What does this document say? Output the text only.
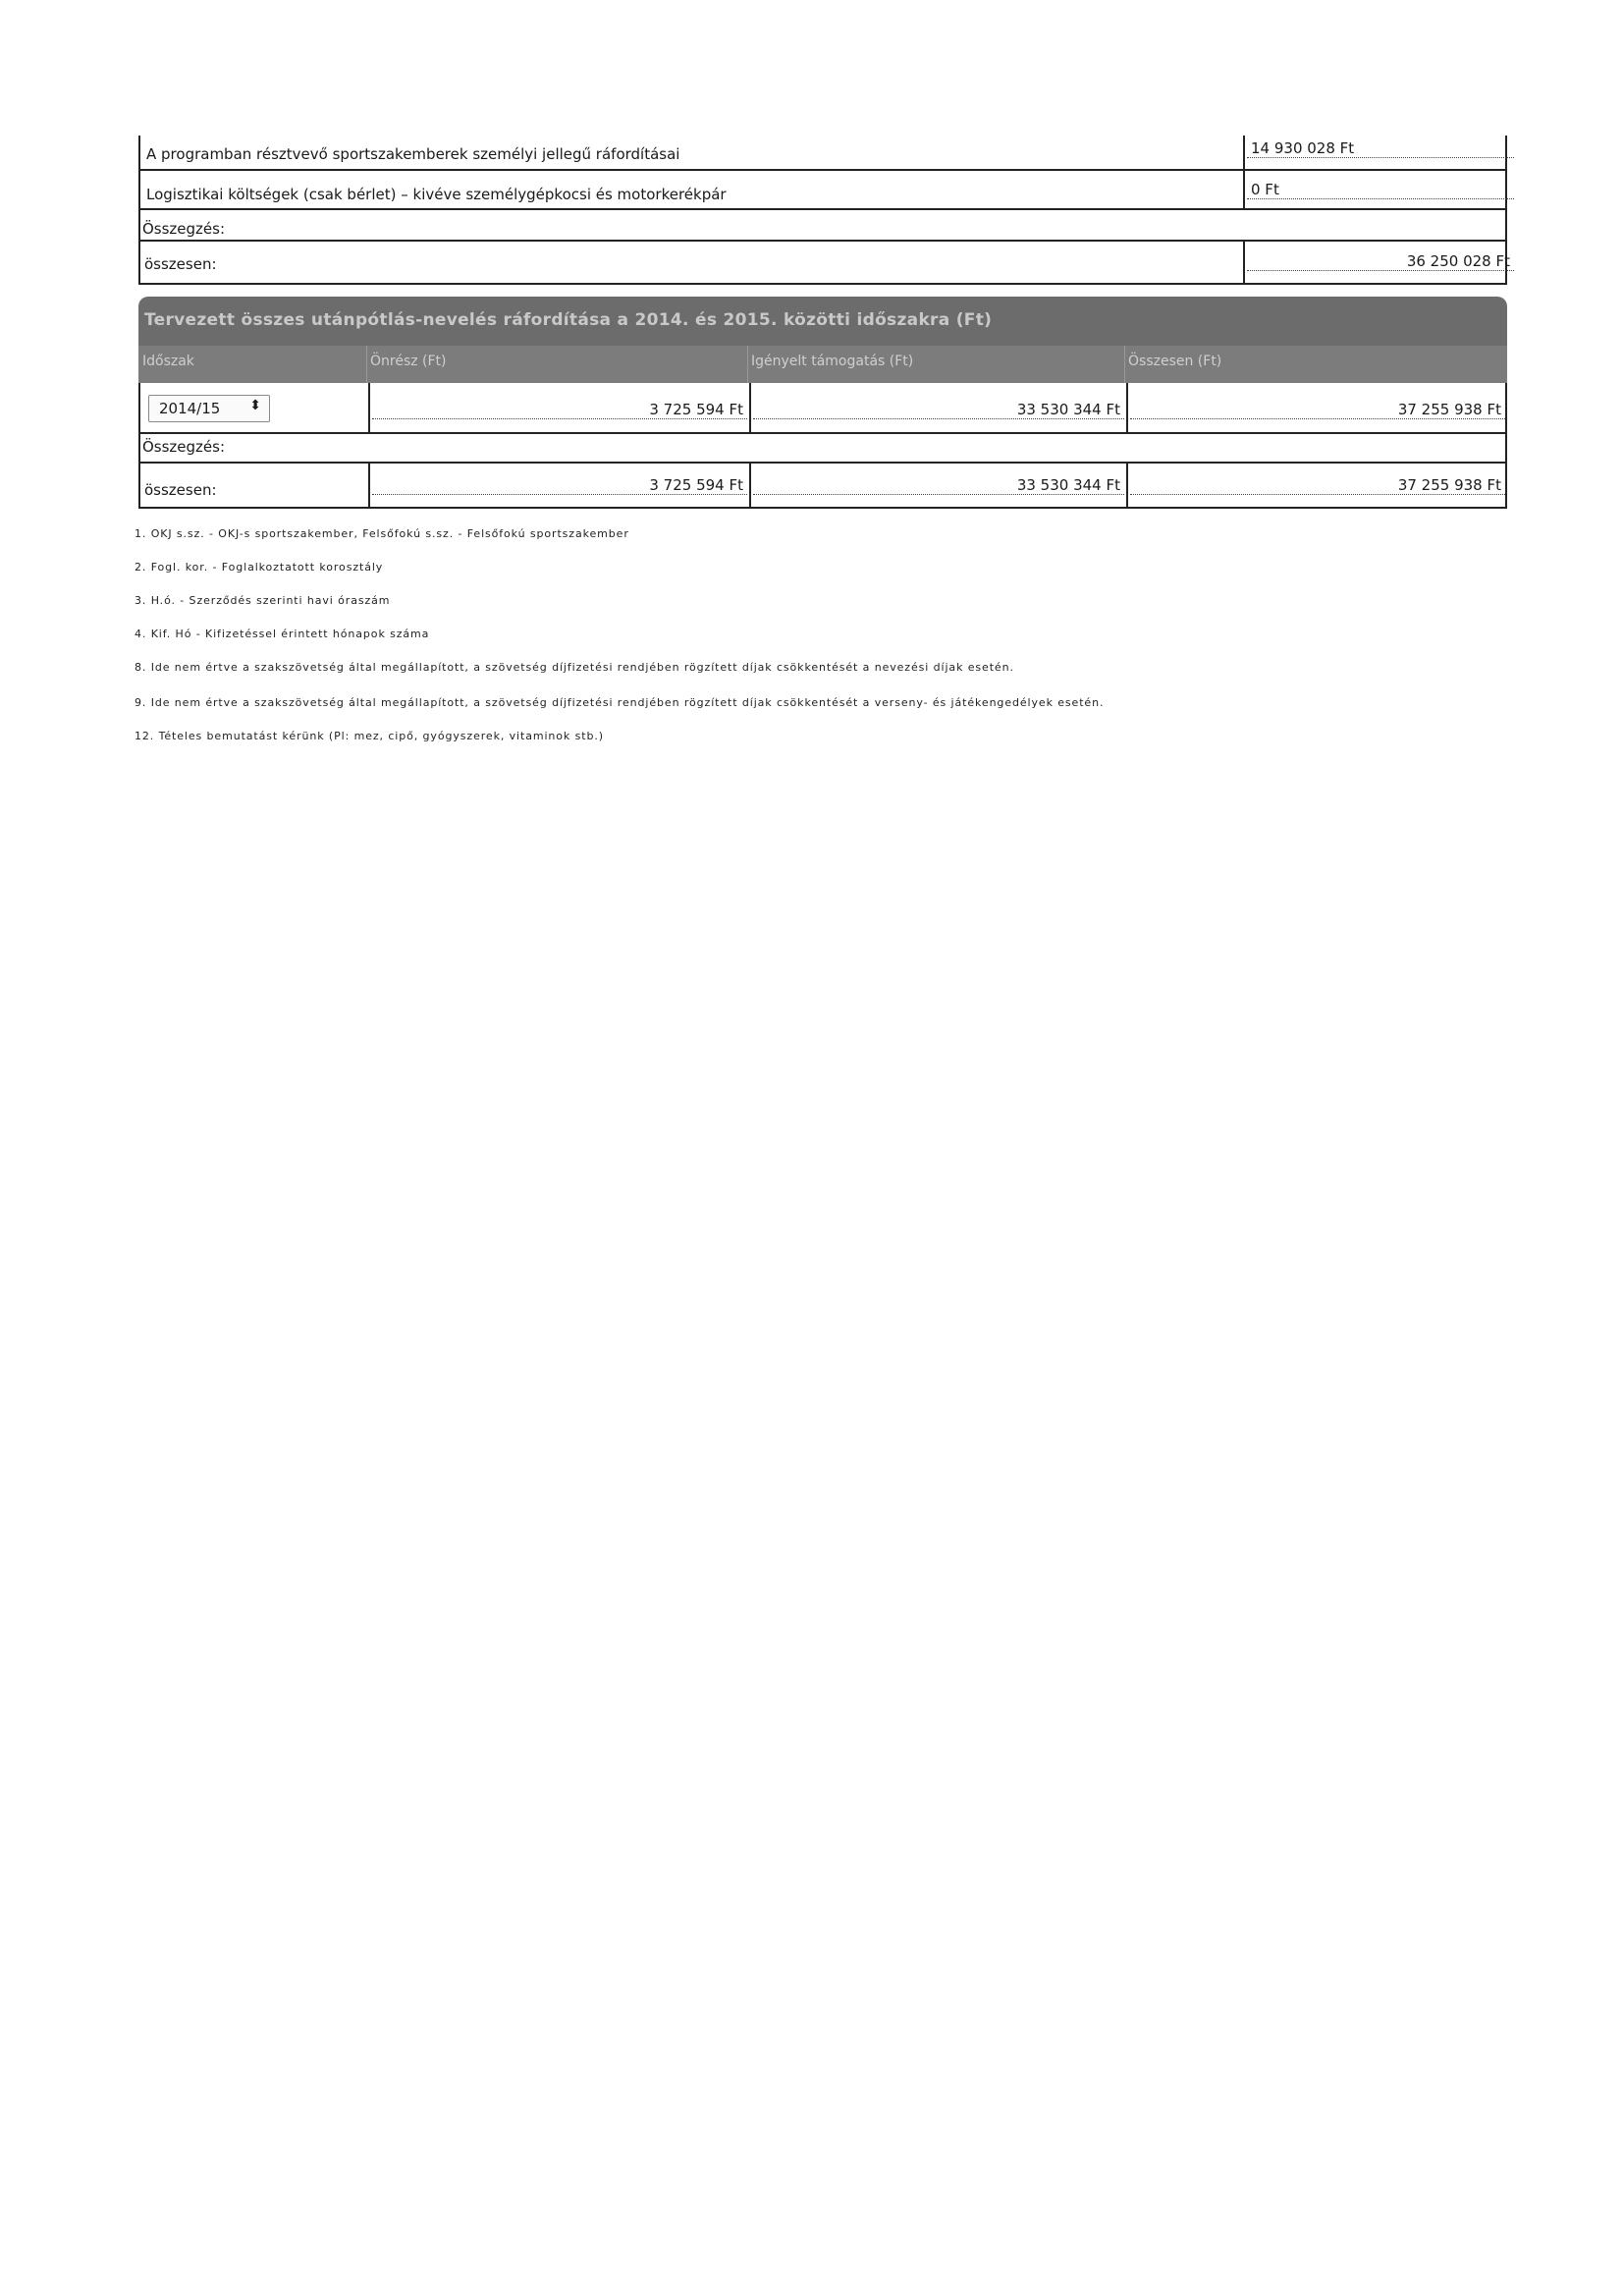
A programban résztvevő sportszakemberek személyi jellegű ráfordításai	14 930 028 Ft
Logisztikai költségek (csak bérlet) – kivéve személygépkocsi és motorkerékpár	0 Ft
Összegzés:
összesen:	36 250 028 Ft
Tervezett összes utánpótlás-nevelés ráfordítása a 2014. és 2015. közötti időszakra (Ft)
Időszak	Önrész (Ft)	Igényelt támogatás (Ft)	Összesen (Ft)
2014/15 ⬍	3 725 594 Ft	33 530 344 Ft	37 255 938 Ft
Összegzés:
összesen:	3 725 594 Ft	33 530 344 Ft	37 255 938 Ft
1. OKJ s.sz. - OKJ-s sportszakember, Felsőfokú s.sz. - Felsőfokú sportszakember
2. Fogl. kor. - Foglalkoztatott korosztály
3. H.ó. - Szerződés szerinti havi óraszám
4. Kif. Hó - Kifizetéssel érintett hónapok száma
8. Ide nem értve a szakszövetség által megállapított, a szövetség díjfizetési rendjében rögzített díjak csökkentését a nevezési díjak esetén.
9. Ide nem értve a szakszövetség által megállapított, a szövetség díjfizetési rendjében rögzített díjak csökkentését a verseny- és játékengedélyek esetén.
12. Tételes bemutatást kérünk (Pl: mez, cipő, gyógyszerek, vitaminok stb.)
